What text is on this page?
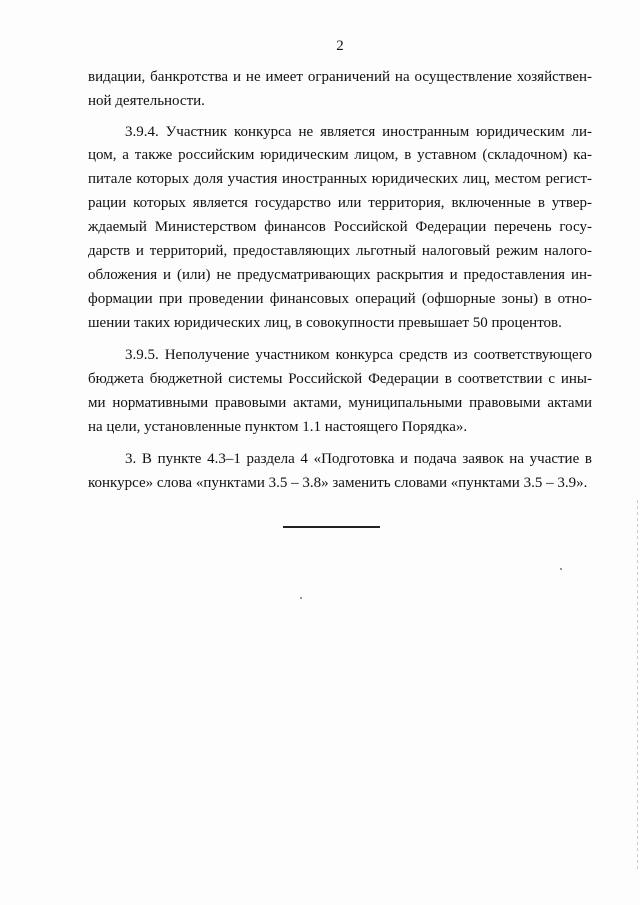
2
видации, банкротства и не имеет ограничений на осуществление хозяйствен-
ной деятельности.
3.9.4. Участник конкурса не является иностранным юридическим ли-
цом, а также российским юридическим лицом, в уставном (складочном) ка-
питале которых доля участия иностранных юридических лиц, местом регист-
рации которых является государство или территория, включенные в утвер-
ждаемый Министерством финансов Российской Федерации перечень госу-
дарств и территорий, предоставляющих льготный налоговый режим налого-
обложения и (или) не предусматривающих раскрытия и предоставления ин-
формации при проведении финансовых операций (офшорные зоны) в отно-
шении таких юридических лиц, в совокупности превышает 50 процентов.
3.9.5. Неполучение участником конкурса средств из соответствующего
бюджета бюджетной системы Российской Федерации в соответствии с ины-
ми нормативными правовыми актами, муниципальными правовыми актами
на цели, установленные пунктом 1.1 настоящего Порядка».
3. В пункте 4.3–1 раздела 4 «Подготовка и подача заявок на участие в
конкурсе» слова «пунктами 3.5 – 3.8» заменить словами «пунктами 3.5 – 3.9».
